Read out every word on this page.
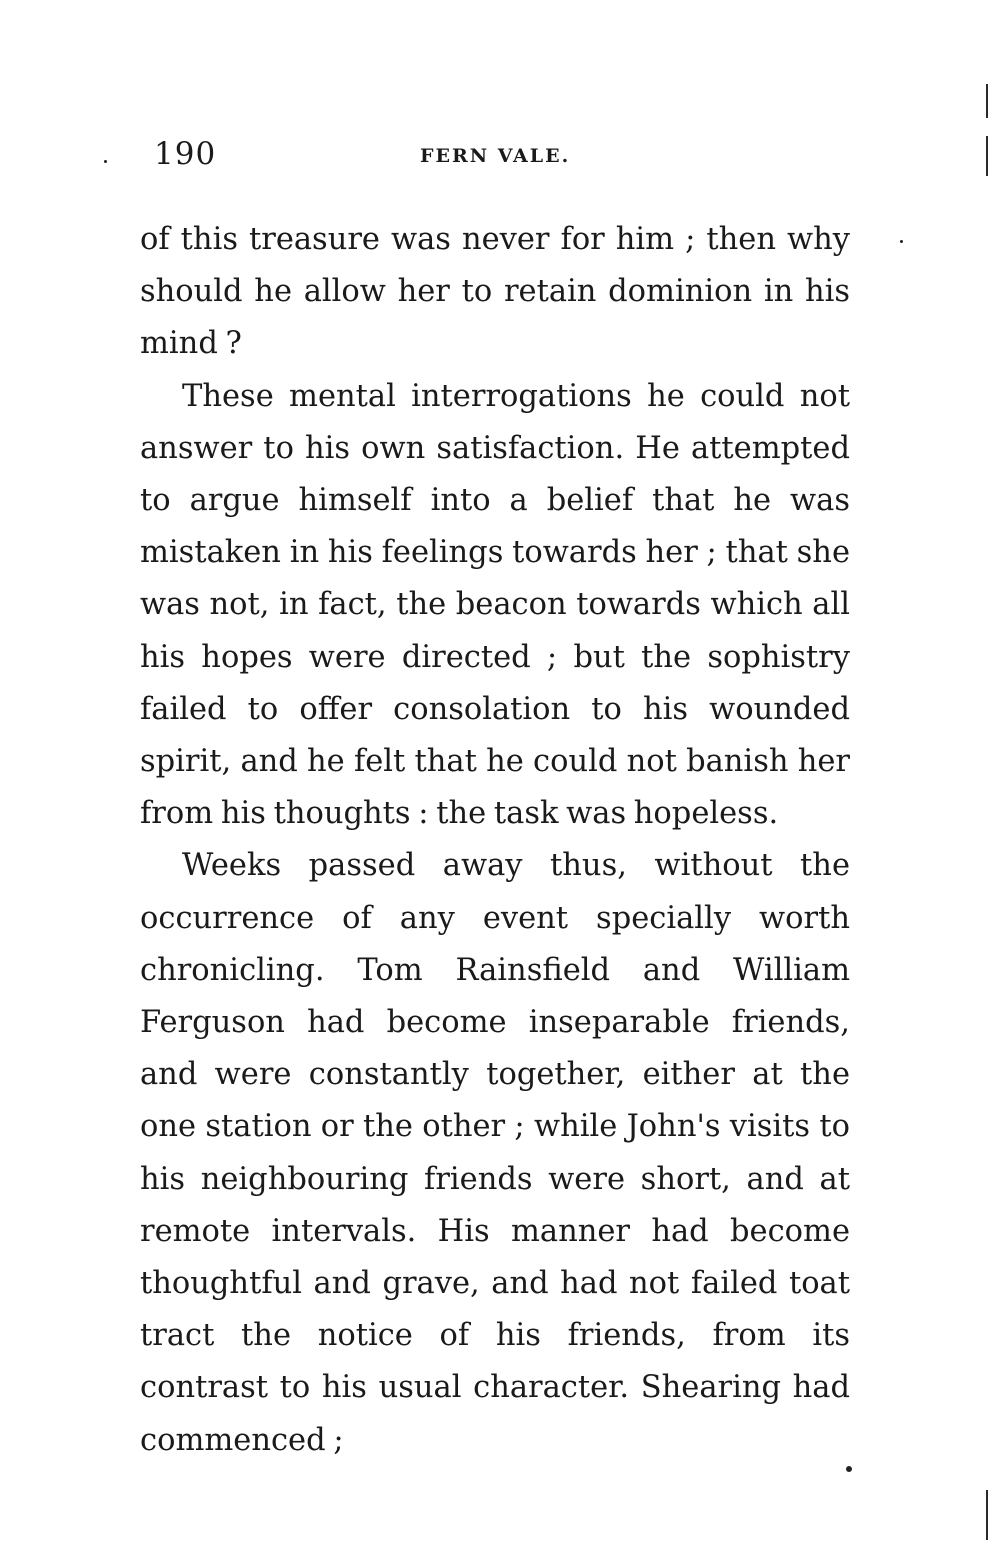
190	FERN VALE.

of this treasure was never for him ; then why should he allow her to retain dominion in his mind ?

These mental interrogations he could not answer to his own satisfaction. He attempted to argue himself into a belief that he was mistaken in his feelings towards her ; that she was not, in fact, the beacon towards which all his hopes were directed ; but the sophistry failed to offer consolation to his wounded spirit, and he felt that he could not banish her from his thoughts : the task was hopeless.

Weeks passed away thus, without the occurrence of any event specially worth chronicling. Tom Rainsfield and William Ferguson had become inseparable friends, and were constantly together, either at the one station or the other ; while John's visits to his neighbouring friends were short, and at remote intervals. His manner had become thoughtful and grave, and had not failed toat tract the notice of his friends, from its contrast to his usual character. Shearing had commenced ;
